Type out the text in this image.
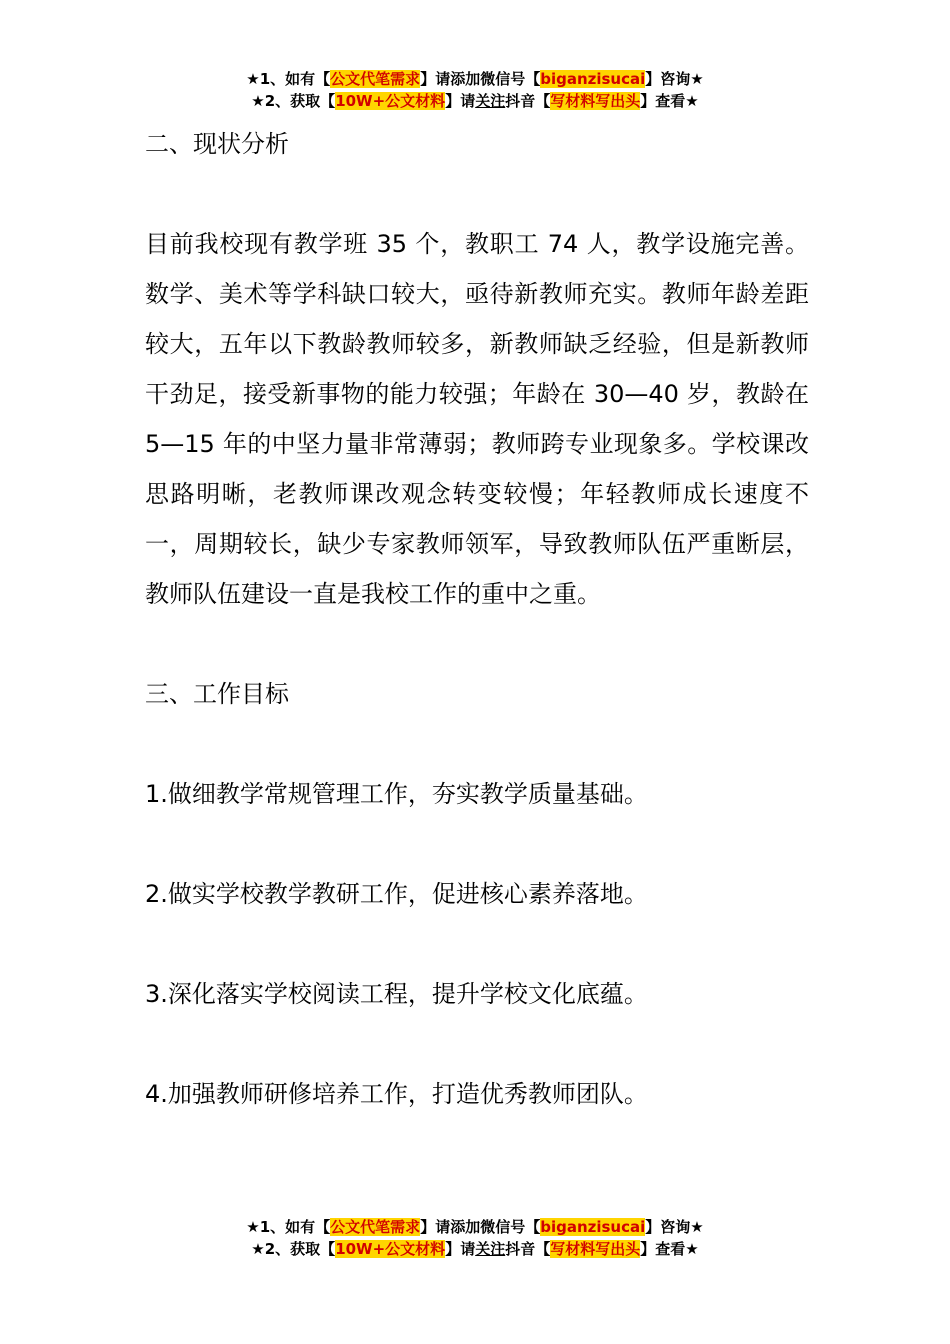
★1、如有【公文代笔需求】请添加微信号【biganzisucai】咨询★
★2、获取【10W+公文材料】请关注抖音【写材料写出头】查看★

二、现状分析

目前我校现有教学班 35 个，教职工 74 人，教学设施完善。数学、美术等学科缺口较大，亟待新教师充实。教师年龄差距较大，五年以下教龄教师较多，新教师缺乏经验，但是新教师干劲足，接受新事物的能力较强；年龄在 30—40 岁，教龄在 5—15 年的中坚力量非常薄弱；教师跨专业现象多。学校课改思路明晰，老教师课改观念转变较慢；年轻教师成长速度不一，周期较长，缺少专家教师领军，导致教师队伍严重断层，教师队伍建设一直是我校工作的重中之重。

三、工作目标

1.做细教学常规管理工作，夯实教学质量基础。

2.做实学校教学教研工作，促进核心素养落地。

3.深化落实学校阅读工程，提升学校文化底蕴。

4.加强教师研修培养工作，打造优秀教师团队。

★1、如有【公文代笔需求】请添加微信号【biganzisucai】咨询★
★2、获取【10W+公文材料】请关注抖音【写材料写出头】查看★
